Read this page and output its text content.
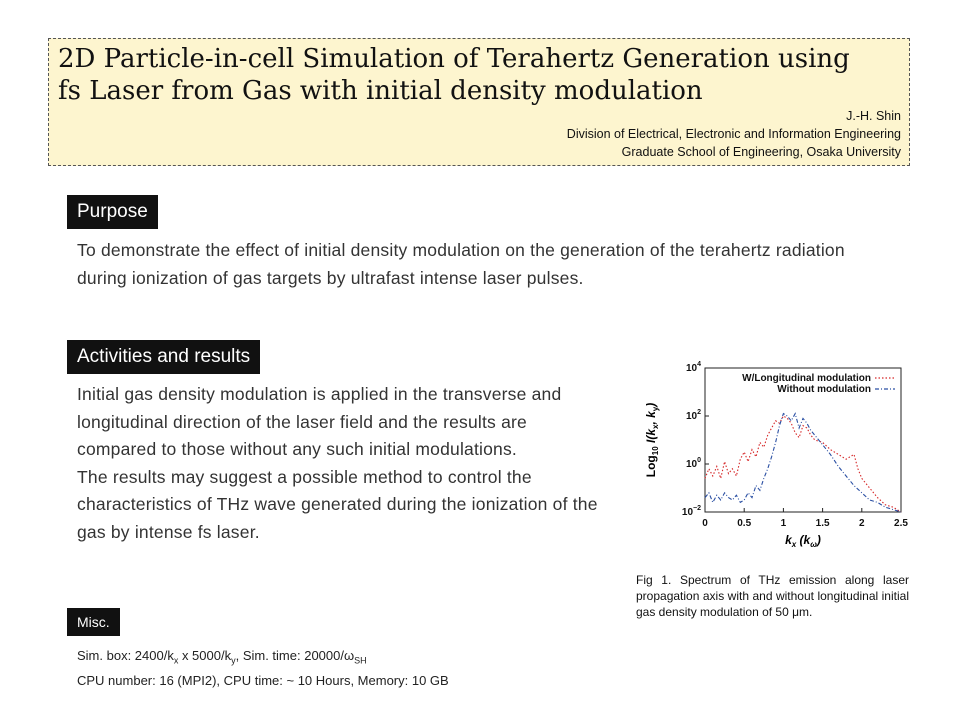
2D Particle-in-cell Simulation of Terahertz Generation using
fs Laser from Gas with initial density modulation
J.-H. Shin
Division of Electrical, Electronic and Information Engineering
Graduate School of Engineering, Osaka University
Purpose
To demonstrate the effect of initial density modulation on the generation of the terahertz radiation during ionization of gas targets by ultrafast intense laser pulses.
Activities and results
Initial gas density modulation is applied in the transverse and longitudinal direction of the laser field and the results are compared to those without any such initial modulations.
The results may suggest a possible method to control the characteristics of THz wave generated during the ionization of the gas by intense fs laser.
Misc.
Sim. box: $2400/k_x$ x $5000/k_y$, Sim. time: $20000/\omega_{SH}$
CPU number: 16 (MPI2), CPU time: ~ 10 Hours, Memory: 10 GB
0	0.5	1	1.5	2	2.5
$10^{-2}$
$10^0$
$10^2$
$10^4$
W/Longitudinal modulation
Without modulation
Log$_{10}$ $I(k_x$, $k_y$)
$k_x$ $(k_\omega)$
Fig 1. Spectrum of THz emission along laser propagation axis with and without longitudinal initial gas density modulation of 50 μm.
